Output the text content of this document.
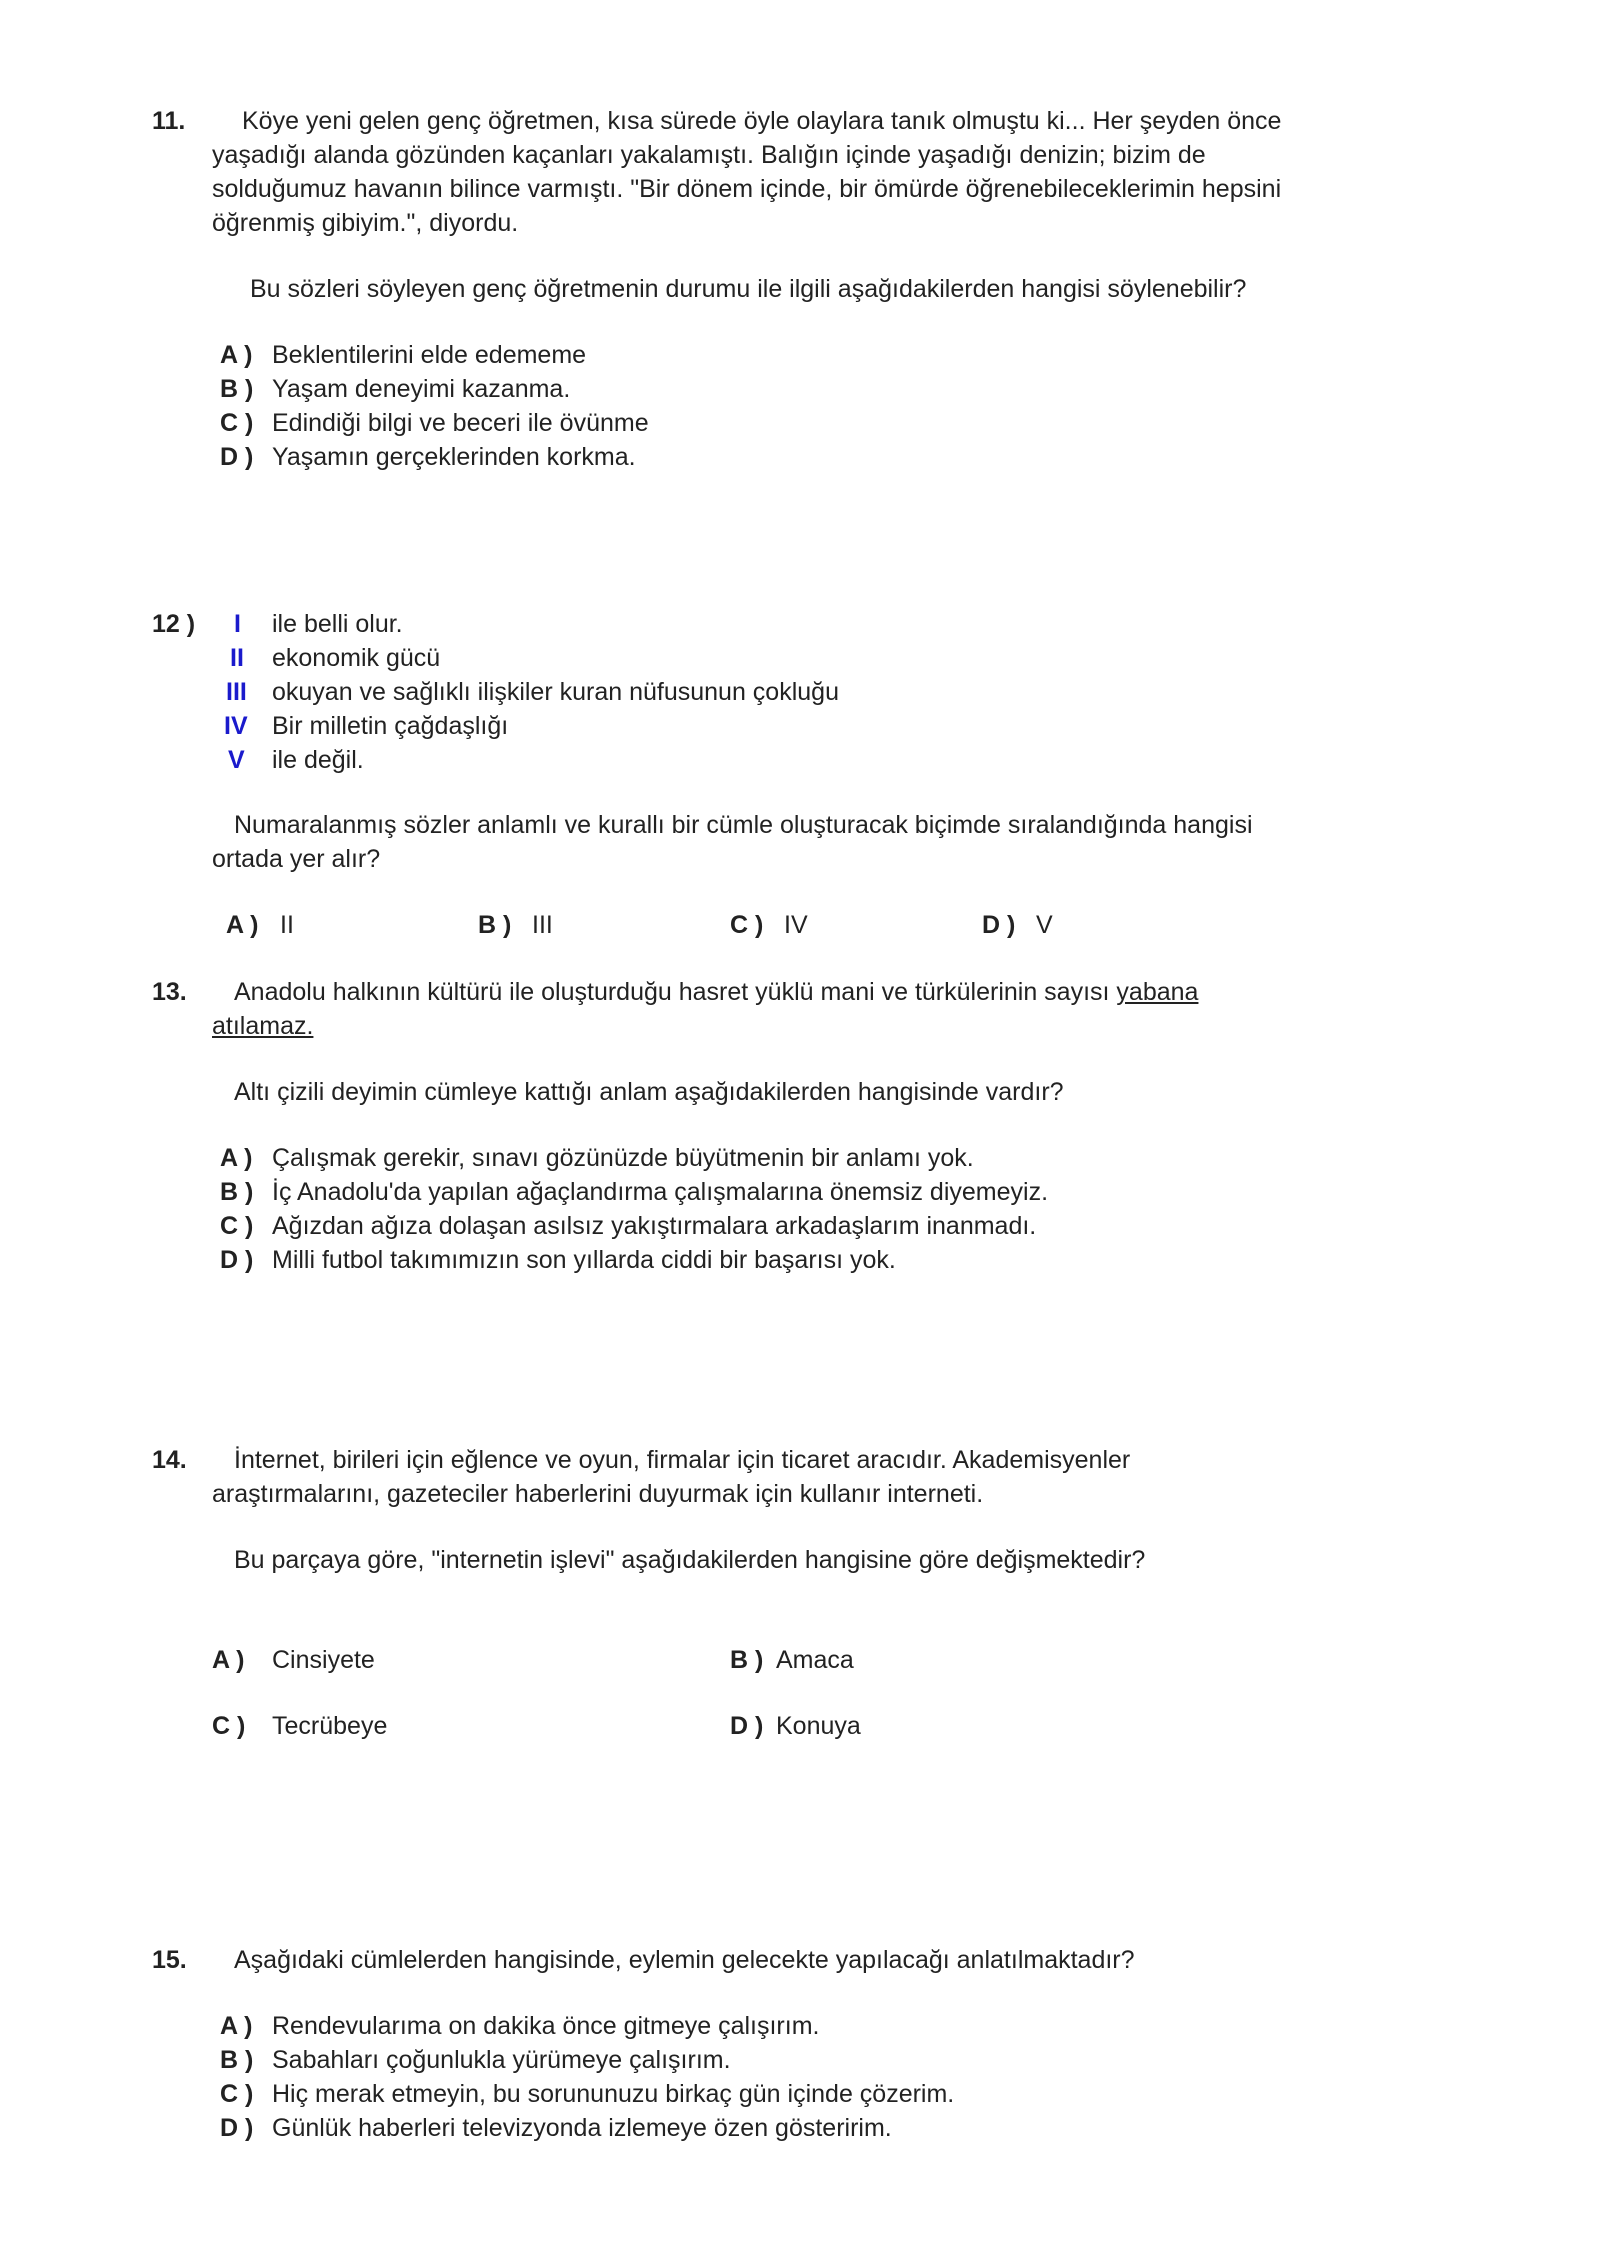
11. Köye yeni gelen genç öğretmen, kısa sürede öyle olaylara tanık olmuştu ki... Her şeyden önce
yaşadığı alanda gözünden kaçanları yakalamıştı. Balığın içinde yaşadığı denizin; bizim de
solduğumuz havanın bilince varmıştı. "Bir dönem içinde, bir ömürde öğrenebileceklerimin hepsini
öğrenmiş gibiyim.", diyordu.
Bu sözleri söyleyen genç öğretmenin durumu ile ilgili aşağıdakilerden hangisi söylenebilir?
A ) Beklentilerini elde edememe
B ) Yaşam deneyimi kazanma.
C ) Edindiği bilgi ve beceri ile övünme
D ) Yaşamın gerçeklerinden korkma.
12 ) I ile belli olur.
II ekonomik gücü
III okuyan ve sağlıklı ilişkiler kuran nüfusunun çokluğu
IV Bir milletin çağdaşlığı
V ile değil.
Numaralanmış sözler anlamlı ve kurallı bir cümle oluşturacak biçimde sıralandığında hangisi
ortada yer alır?
A ) II	B ) III	C ) IV	D ) V
13. Anadolu halkının kültürü ile oluşturduğu hasret yüklü mani ve türkülerinin sayısı yabana
atılamaz.
Altı çizili deyimin cümleye kattığı anlam aşağıdakilerden hangisinde vardır?
A ) Çalışmak gerekir, sınavı gözünüzde büyütmenin bir anlamı yok.
B ) İç Anadolu'da yapılan ağaçlandırma çalışmalarına önemsiz diyemeyiz.
C ) Ağızdan ağıza dolaşan asılsız yakıştırmalara arkadaşlarım inanmadı.
D ) Milli futbol takımımızın son yıllarda ciddi bir başarısı yok.
14. İnternet, birileri için eğlence ve oyun, firmalar için ticaret aracıdır. Akademisyenler
araştırmalarını, gazeteciler haberlerini duyurmak için kullanır interneti.
Bu parçaya göre, "internetin işlevi" aşağıdakilerden hangisine göre değişmektedir?
A ) Cinsiyete	B ) Amaca
C ) Tecrübeye	D ) Konuya
15. Aşağıdaki cümlelerden hangisinde, eylemin gelecekte yapılacağı anlatılmaktadır?
A ) Rendevularıma on dakika önce gitmeye çalışırım.
B ) Sabahları çoğunlukla yürümeye çalışırım.
C ) Hiç merak etmeyin, bu sorununuzu birkaç gün içinde çözerim.
D ) Günlük haberleri televizyonda izlemeye özen gösteririm.
